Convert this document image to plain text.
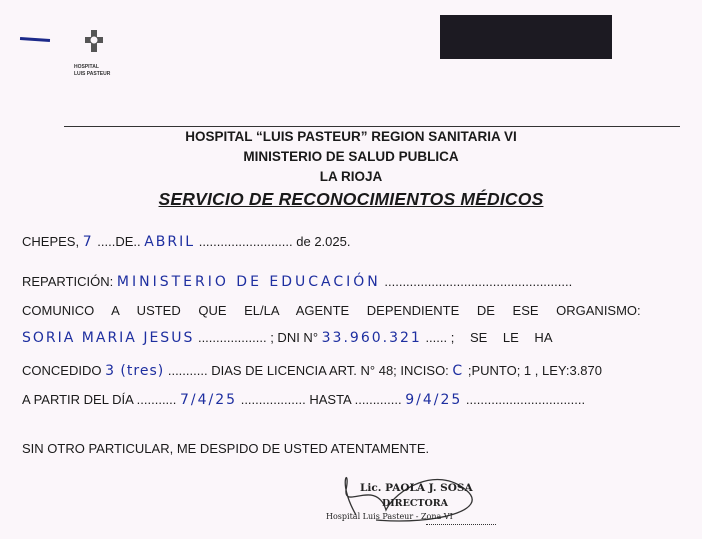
HOSPITAL
LUIS PASTEUR
HOSPITAL “LUIS PASTEUR” REGION SANITARIA VI
MINISTERIO DE SALUD PUBLICA
LA RIOJA
SERVICIO DE RECONOCIMIENTOS MÉDICOS
CHEPES, 7 .....DE.. ABRIL .......................... de 2.025.
REPARTICIÓN: MINISTERIO DE EDUCACIÓN ....................................................
COMUNICO A USTED QUE EL/LA AGENTE DEPENDIENTE DE ESE ORGANISMO:
SORIA MARIA JESUS ................... ; DNI N° 33.960.321 ...... ; SE LE HA
CONCEDIDO 3 (tres) ........... DIAS DE LICENCIA ART. N° 48; INCISO: C ;PUNTO; 1 , LEY:3.870
A PARTIR DEL DÍA ........... 7/4/25 .................. HASTA ............. 9/4/25 .................................
SIN OTRO PARTICULAR, ME DESPIDO DE USTED ATENTAMENTE.
Lic. PAOLA J. SOSA
DIRECTORA
Hospital Luis Pasteur - Zona VI
